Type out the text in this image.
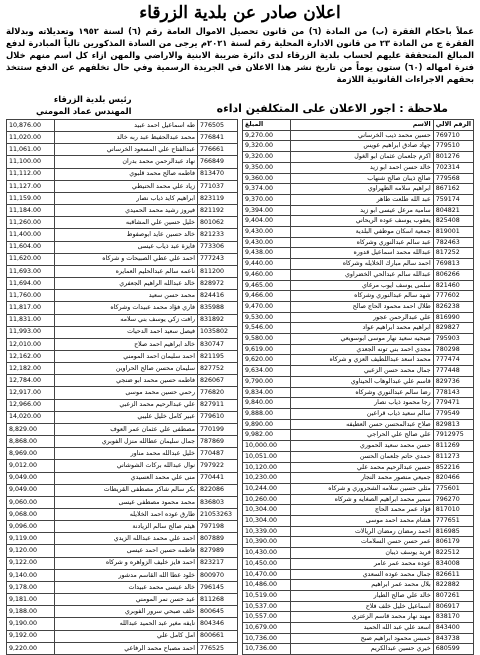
اعلان صادر عن بلدية الزرقاء

عملاً باحكام الفقرة (ب) من المادة (٦) من قانون تحصيل الاموال العامة رقم (٦) لسنة ١٩٥٢ وتعديلاته وبدلالة الفقرة ج من المادة ٢٣ من قانون الادارة المحلية رقم لسنة ٢٠٢١م يرجى من السادة المذكورين تالياً المبادرة لدفع المبالغ المتحققة عليهم لحساب بلدية الزرقاء لدى دائرة ضريبة الابنية والاراضي والمهن ازاء كل اسم منهم خلال فترة امهاله (٦٠) ستون يوماً من تاريخ نشر هذا الاعلان في الجريدة الرسمية وفي حال تخلفهم عن الدفع ستتخذ بحقهم الاجراءات القانونية اللازمة

ملاحظة : اجور الاعلان على المتكلفين اداءه
رئيس بلدية الزرقاء
المهندس عماد المومني
الرقم الالي	الاسم	المبلغ
769710	حسين محمد ذيب الخرساني	9,270.00
779510	جهاد صادق ابراهيم عويس	9,320.00
801276	اكرم جلعمان عثمان ابو الغول	9,320.00
702314	خالد حسن احمد ابو زيد	9,350.00
779568	صالح ذيبان صالح شنهاب	9,360.00
867162	ابراهيم سلامه الظهراوي	9,374.00
759174	عبد الله طلعت طاهر	9,370.00
804821	سامية مرعل عيسى ابو زيد	9,394.00
825408	يعقوب يوسف عوده الريحاني	9,404.00
819001	جمعية اسكان موظفي البلدية	9,430.00
782463	عبد سالم عبدالنوري وشركاه	9,430.00
817252	عبدالله محمد اسماعيل قدوره	9,438.00
769813	احمد سالم مبارك الخلايله وشركاه	9,440.00
806266	عبدالله سالم عبدالحي الخضراوي	9,460.00
821460	سلمى يوسف ايوب مرغاي	9,465.00
777602	شهد سالم عبدالنوري وشركاه	9,466.00
826238	طلال احمد محمود الحاج صالح	9,470.00
816990	علي عبدالرحمن عجور	9,530.00
829827	ابراهيم محمد ابراهيم عواد	9,546.00
795903	صبحيه سعيد نهار موسى ابوسويعي	9,580.00
780298	مجدي احمد بني تونه الجعدي	9,619.00
777474	محمد اسعد عبداللطيف العزي و شركاه	9,620.00
777448	جمال محمد حسن الزعبي	9,634.00
829736	قاسم علي عبدالوهاب الحيناوي	9,790.00
778143	رضا سالم عبدالنوري وشركاه	9,834.00
779471	رجا محمود ذياب نصار	9,840.00
779549	سالم سعيد ذياب قراعين	9,888.00
829813	صلاح عبدالمحسن حسن العطيفه	9,890.00
7912975	علي صالح علي الحراجي	9,982.00
811269	حسن محمد سعيد الحموري	10,000.00
811273	حمدي حاتم جلعمان الحسن	10,051.00
852216	حسين عبدالرحيم محمد علي	10,120.00
820466	جميعي منصور محمد النجار	10,230.00
775601	مثلي حسين سلامه الشحروري و شركاه	10,244.00
796270	سمير محمد ابراهيم الصغايه و شركاه	10,260.00
817010	فؤاد عمر محمد الحاج	10,304.00
777651	هشام محمد احمد موسى	10,304.00
816985	احمد رمضان رمضان الريالات	10,339.00
806179	عمر حسن حسن السلامات	10,390.00
822512	فريد يوسف ذيبان	10,430.00
834008	عوده محمد عمر عامر	10,450.00
826611	جمال محمد عوده السعدي	10,470.00
822882	بلال محمد عمر ابراهيم	10,486.00
807261	خالد علي صالح الطيار	10,519.00
806917	اسماعيل خليل خلف فلاح	10,537.00
838170	مهند نهار محمد قاسم الزعتري	10,557.00
843400	اسعد علي عبد الله الحميد	10,679.00
843738	خميس محمود ابراهيم صبح	10,736.00
680599	خيري حسين عبدالكريم	10,736.00
776505	طه اسماعيل احمد عبيد	10,876.00
776841	محمد عبدالحفيظ عبد ربه خالد	11,020.00
776661	عبدالفتاح علي المسعود الخرساني	11,061.00
766849	نهاد عبدالرحمن محمد بدران	11,100.00
813470	فاطمه صالح محمد قلبوي	11,112.00
771037	زياد علي محمد الحنيطي	11,127.00
823119	ابراهيم كايد ذياب نصار	11,159.00
821192	فيروز رشيد محمد الحميدي	11,184.00
801062	خليل حسين علي المشاقبه	11,260.00
821233	خالد حسين عايد ابوصفوط	11,400.00
773306	فايزة عبد ذياب عيسى	11,604.00
777243	احمد علي عطي الصبيحات و شركاه	11,620.00
811200	ناعمه سالم عبدالحليم العمايره	11,693.00
828972	خالد عبدالله الراهيم الجعفري	11,694.00
824416	محمد حسن سعيد	11,760.00
835988	فاري فؤاد محمد عبيدات وشركاه	11,817.00
831892	رافت زكي يوسف بني سلامه	11,831.00
1035802	فيصل سعيد احمد الدحيات	11,993.00
830747	خالد ابراهيم احمد صلاح	12,010.00
821195	احمد سليمان احمد المومني	12,162.00
827752	سليمان محسن صالح الحراوين	12,182.00
826067	فاطمه حسين محمد ابو ضنجي	12,784.00
776820	رحمي حسين محمد موسى	12,917.00
827911	علي عبدالرحيم محمد الزعبي	12,966.00
779610	عبير كامل خليل عليبي	14,020.00
770199	مصطفى علي عثمان عمر العوف	8,829.00
787869	جمال سليمان عطالله منزل الفوبري	8,868.00
770487	خليل عبدالله محمد مناور	8,969.00
797922	نوال عبدالله بركات الشوشاني	9,012.00
770441	منى علي محمد العسيدي	9,049.00
822086	بكر سالم شاكر مصطفى القريطات	9,049.00
836803	محمد محمود مصطفى عيسى	9,060.00
21053263	طارق عوده احمد الخلايله	9,068.00
797198	هيثم صالح سالم الزيادنة	9,096.00
807889	احمد علي محمد عبدالله الزيدي	9,119.00
827989	فاطمه حسين احمد عيسى	9,120.00
823217	احمد فايز خليف الزواهره و شركاه	9,122.00
800970	خلود عطا الله القاسم مدشور	9,140.00
796145	خالد عيسى محمد عبيدات	9,178.00
811268	عيد حسن نمر المومني	9,181.00
800645	خلف صبحي سرور الفوبري	9,188.00
804346	نايفه مغير عبد الحميد عبدالله	9,190.00
800661	امل كامل علي	9,192.00
776525	احمد مصباح محمد الرفاعي	9,220.00
